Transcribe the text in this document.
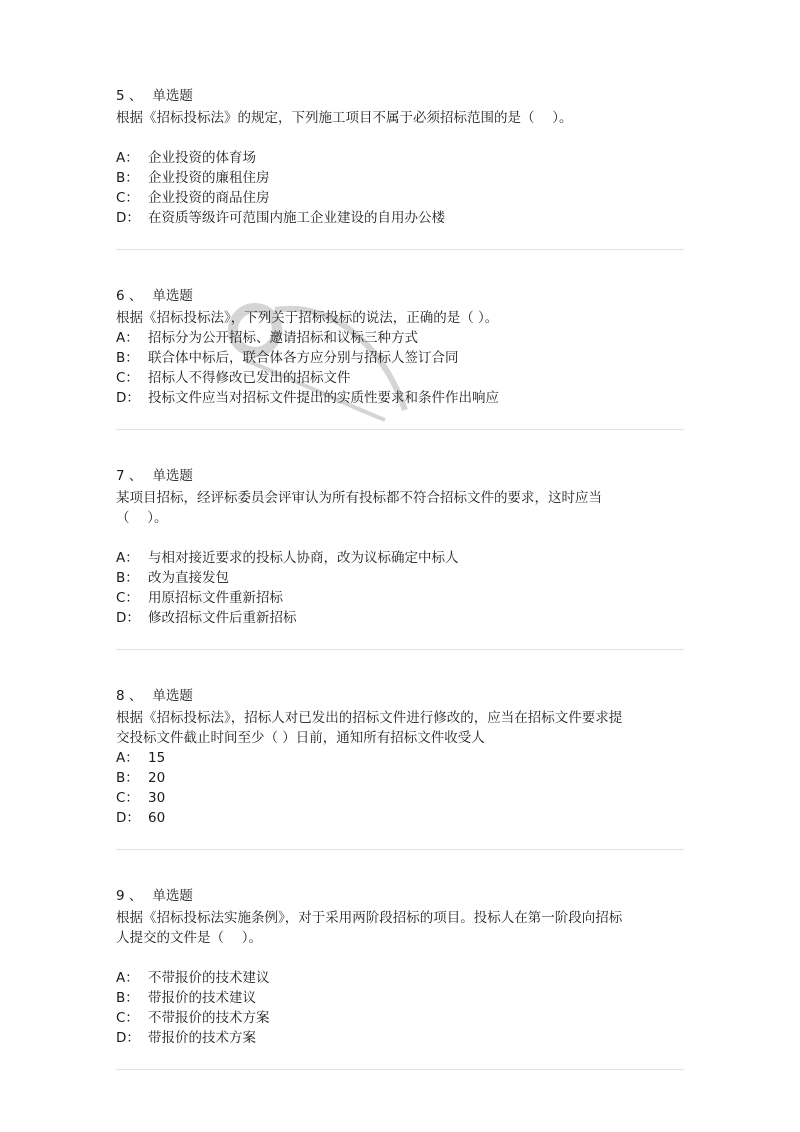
5 、 单选题
根据《招标投标法》的规定，下列施工项目不属于必须招标范围的是（　 ）。
A： 企业投资的体育场
B： 企业投资的廉租住房
C： 企业投资的商品住房
D： 在资质等级许可范围内施工企业建设的自用办公楼
6 、 单选题
根据《招标投标法》，下列关于招标投标的说法，正确的是（ ）。
A： 招标分为公开招标、邀请招标和议标三种方式
B： 联合体中标后，联合体各方应分别与招标人签订合同
C： 招标人不得修改已发出的招标文件
D： 投标文件应当对招标文件提出的实质性要求和条件作出响应
7 、 单选题
某项目招标，经评标委员会评审认为所有投标都不符合招标文件的要求，这时应当
（　 ）。
A： 与相对接近要求的投标人协商，改为议标确定中标人
B： 改为直接发包
C： 用原招标文件重新招标
D： 修改招标文件后重新招标
8 、 单选题
根据《招标投标法》，招标人对已发出的招标文件进行修改的，应当在招标文件要求提
交投标文件截止时间至少（ ）日前，通知所有招标文件收受人
A： 15
B： 20
C： 30
D： 60
9 、 单选题
根据《招标投标法实施条例》，对于采用两阶段招标的项目。投标人在第一阶段向招标
人提交的文件是（　 ）。
A： 不带报价的技术建议
B： 带报价的技术建议
C： 不带报价的技术方案
D： 带报价的技术方案
